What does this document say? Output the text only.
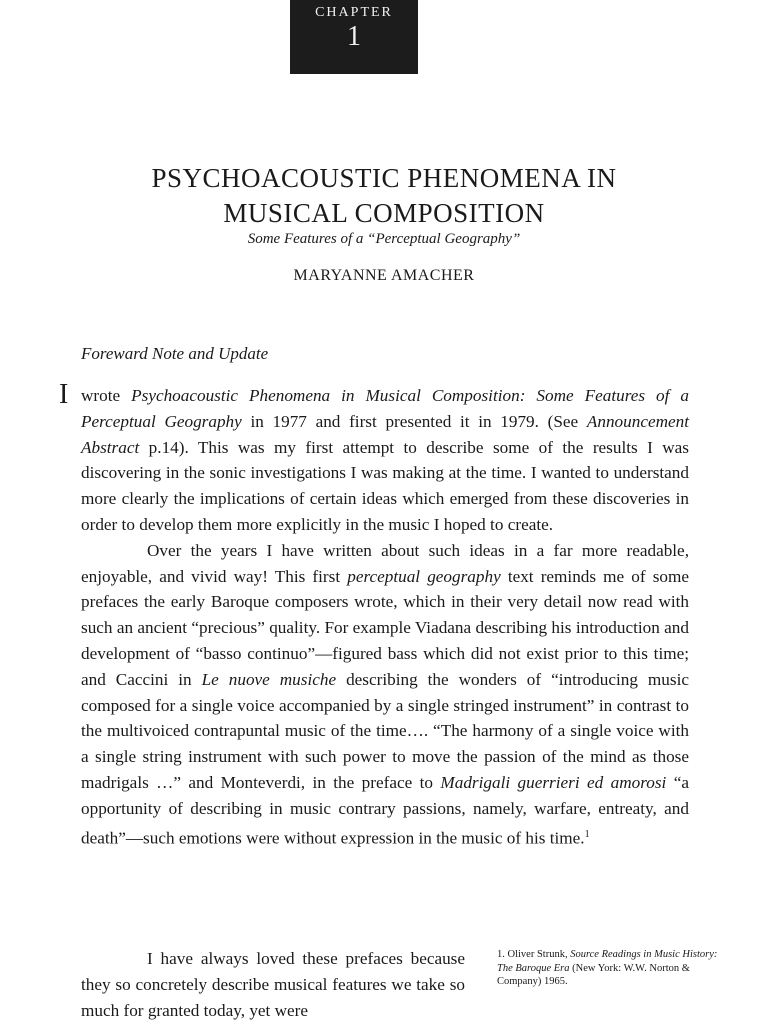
CHAPTER
1
PSYCHOACOUSTIC PHENOMENA IN
MUSICAL COMPOSITION
Some Features of a “Perceptual Geography”
MARYANNE AMACHER
Foreward Note and Update

I wrote Psychoacoustic Phenomena in Musical Composition: Some Features of a Perceptual Geography in 1977 and first presented it in 1979. (See Announcement Abstract p.14). This was my first attempt to describe some of the results I was discovering in the sonic investigations I was making at the time. I wanted to understand more clearly the implications of certain ideas which emerged from these discoveries in order to develop them more explicitly in the music I hoped to create.

Over the years I have written about such ideas in a far more readable, enjoyable, and vivid way! This first perceptual geography text reminds me of some prefaces the early Baroque composers wrote, which in their very detail now read with such an ancient “precious” quality. For example Viadana describing his introduction and development of “basso continuo”—figured bass which did not exist prior to this time; and Caccini in Le nuove musiche describing the wonders of “introducing music composed for a single voice accompanied by a single stringed instrument” in contrast to the multivoiced contrapuntal music of the time…. “The harmony of a single voice with a single string instrument with such power to move the passion of the mind as those madrigals …” and Monteverdi, in the preface to Madrigali guerrieri ed amorosi “a opportunity of describing in music contrary passions, namely, warfare, entreaty, and death”—such emotions were without expression in the music of his time.$^1$

I have always loved these prefaces because they so concretely describe musical features we take so much for granted today, yet were
1. Oliver Strunk, Source Readings in Music History: The Baroque Era (New York: W.W. Norton & Company) 1965.
